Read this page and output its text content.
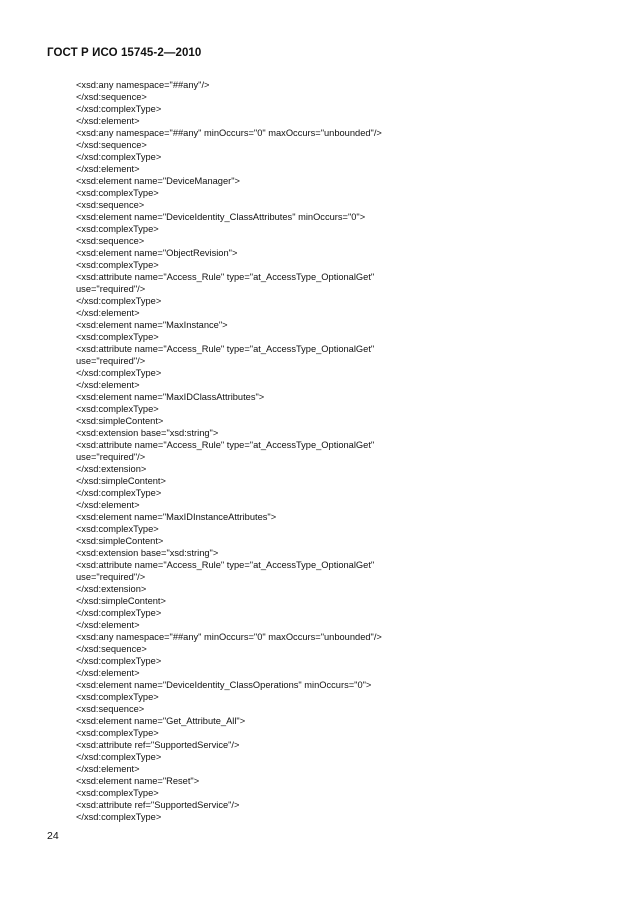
ГОСТ Р ИСО 15745-2—2010
<xsd:any namespace="##any"/>
</xsd:sequence>
</xsd:complexType>
</xsd:element>
<xsd:any namespace="##any" minOccurs="0" maxOccurs="unbounded"/>
</xsd:sequence>
</xsd:complexType>
</xsd:element>
<xsd:element name="DeviceManager">
<xsd:complexType>
<xsd:sequence>
<xsd:element name="DeviceIdentity_ClassAttributes" minOccurs="0">
<xsd:complexType>
<xsd:sequence>
<xsd:element name="ObjectRevision">
<xsd:complexType>
<xsd:attribute name="Access_Rule" type="at_AccessType_OptionalGet"
use="required"/>
</xsd:complexType>
</xsd:element>
<xsd:element name="MaxInstance">
<xsd:complexType>
<xsd:attribute name="Access_Rule" type="at_AccessType_OptionalGet"
use="required"/>
</xsd:complexType>
</xsd:element>
<xsd:element name="MaxIDClassAttributes">
<xsd:complexType>
<xsd:simpleContent>
<xsd:extension base="xsd:string">
<xsd:attribute name="Access_Rule" type="at_AccessType_OptionalGet"
use="required"/>
</xsd:extension>
</xsd:simpleContent>
</xsd:complexType>
</xsd:element>
<xsd:element name="MaxIDInstanceAttributes">
<xsd:complexType>
<xsd:simpleContent>
<xsd:extension base="xsd:string">
<xsd:attribute name="Access_Rule" type="at_AccessType_OptionalGet"
use="required"/>
</xsd:extension>
</xsd:simpleContent>
</xsd:complexType>
</xsd:element>
<xsd:any namespace="##any" minOccurs="0" maxOccurs="unbounded"/>
</xsd:sequence>
</xsd:complexType>
</xsd:element>
<xsd:element name="DeviceIdentity_ClassOperations" minOccurs="0">
<xsd:complexType>
<xsd:sequence>
<xsd:element name="Get_Attribute_All">
<xsd:complexType>
<xsd:attribute ref="SupportedService"/>
</xsd:complexType>
</xsd:element>
<xsd:element name="Reset">
<xsd:complexType>
<xsd:attribute ref="SupportedService"/>
</xsd:complexType>
24
